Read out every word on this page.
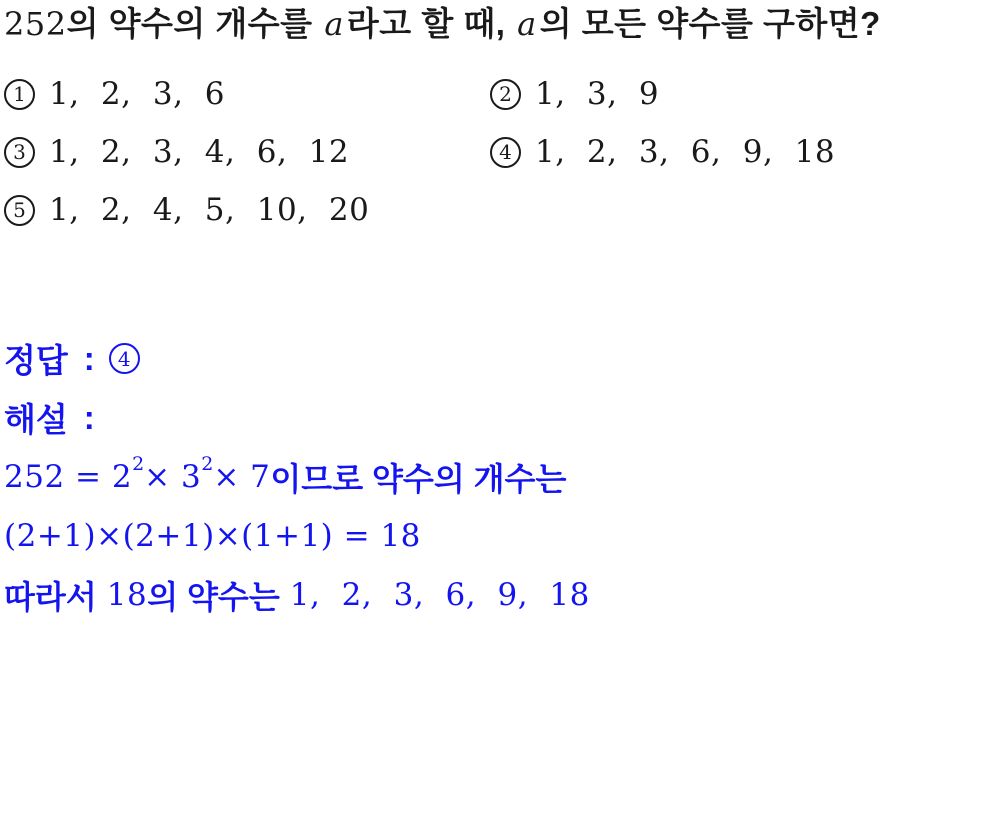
252의 약수의 개수를 a라고 할 때, a의 모든 약수를 구하면?
1 1, 2, 3, 6	2 1, 3, 9
3 1, 2, 3, 4, 6, 12	4 1, 2, 3, 6, 9, 18
5 1, 2, 4, 5, 10, 20
정답 : 4
해설 :
$252 = 2^2 \times 3^2 \times 7$ 이므로 약수의 개수는
(2+1)×(2+1)×(1+1) = 18
따라서 18 의 약수는 1, 2, 3, 6, 9, 18
